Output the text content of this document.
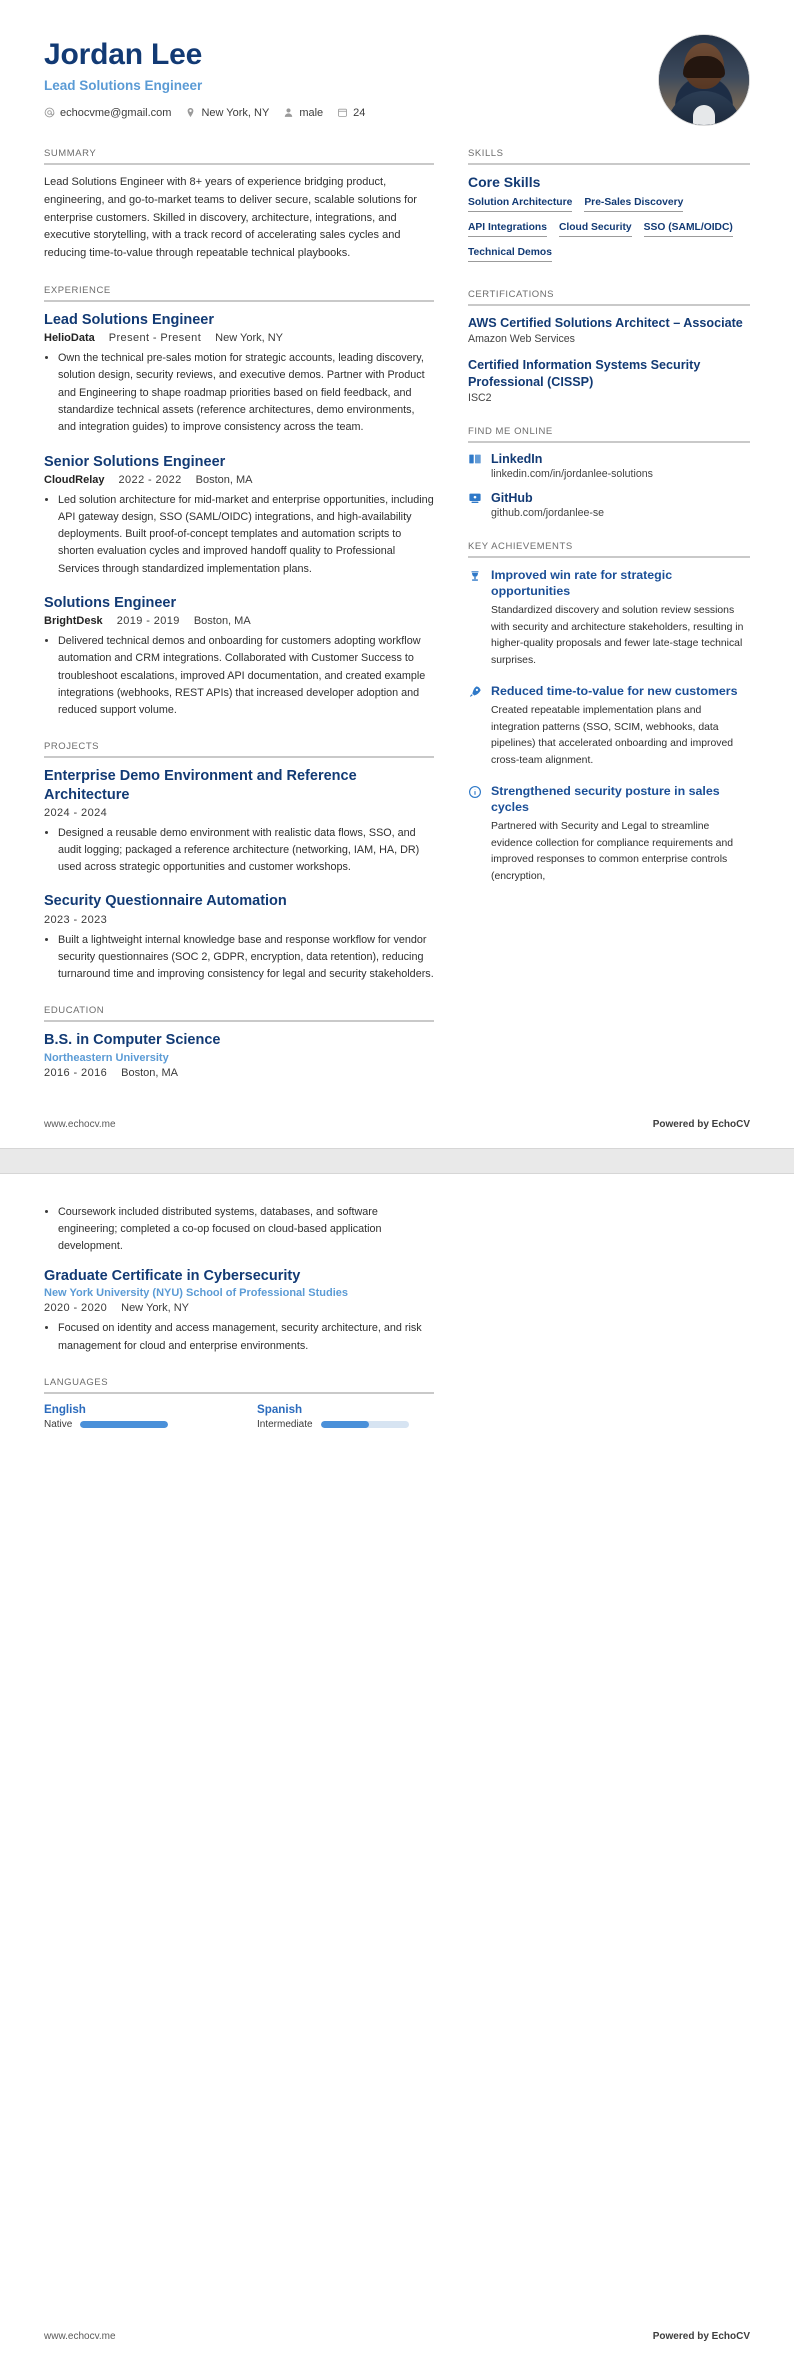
Jordan Lee
Lead Solutions Engineer
echocvme@gmail.com	New York, NY	male	24
SUMMARY
Lead Solutions Engineer with 8+ years of experience bridging product, engineering, and go-to-market teams to deliver secure, scalable solutions for enterprise customers. Skilled in discovery, architecture, integrations, and executive storytelling, with a track record of accelerating sales cycles and reducing time-to-value through repeatable technical playbooks.
EXPERIENCE
Lead Solutions Engineer
HelioData Present - Present New York, NY
• Own the technical pre-sales motion for strategic accounts, leading discovery, solution design, security reviews, and executive demos. Partner with Product and Engineering to shape roadmap priorities based on field feedback, and standardize technical assets (reference architectures, demo environments, and integration guides) to improve consistency across the team.
Senior Solutions Engineer
CloudRelay 2022 - 2022 Boston, MA
• Led solution architecture for mid-market and enterprise opportunities, including API gateway design, SSO (SAML/OIDC) integrations, and high-availability deployments. Built proof-of-concept templates and automation scripts to shorten evaluation cycles and improved handoff quality to Professional Services through standardized implementation plans.
Solutions Engineer
BrightDesk 2019 - 2019 Boston, MA
• Delivered technical demos and onboarding for customers adopting workflow automation and CRM integrations. Collaborated with Customer Success to troubleshoot escalations, improved API documentation, and created example integrations (webhooks, REST APIs) that increased developer adoption and reduced support volume.
PROJECTS
Enterprise Demo Environment and Reference Architecture
2024 - 2024
• Designed a reusable demo environment with realistic data flows, SSO, and audit logging; packaged a reference architecture (networking, IAM, HA, DR) used across strategic opportunities and customer workshops.
Security Questionnaire Automation
2023 - 2023
• Built a lightweight internal knowledge base and response workflow for vendor security questionnaires (SOC 2, GDPR, encryption, data retention), reducing turnaround time and improving consistency for legal and security stakeholders.
EDUCATION
B.S. in Computer Science
Northeastern University
2016 - 2016 Boston, MA
SKILLS
Core Skills
Solution Architecture Pre-Sales Discovery
API Integrations Cloud Security SSO (SAML/OIDC)
Technical Demos
CERTIFICATIONS
AWS Certified Solutions Architect – Associate
Amazon Web Services
Certified Information Systems Security Professional (CISSP)
ISC2
FIND ME ONLINE
LinkedIn
linkedin.com/in/jordanlee-solutions
GitHub
github.com/jordanlee-se
KEY ACHIEVEMENTS
Improved win rate for strategic opportunities
Standardized discovery and solution review sessions with security and architecture stakeholders, resulting in higher-quality proposals and fewer late-stage technical surprises.
Reduced time-to-value for new customers
Created repeatable implementation plans and integration patterns (SSO, SCIM, webhooks, data pipelines) that accelerated onboarding and improved cross-team alignment.
Strengthened security posture in sales cycles
Partnered with Security and Legal to streamline evidence collection for compliance requirements and improved responses to common enterprise controls (encryption,
www.echocv.me	Powered by EchoCV
• Coursework included distributed systems, databases, and software engineering; completed a co-op focused on cloud-based application development.
Graduate Certificate in Cybersecurity
New York University (NYU) School of Professional Studies
2020 - 2020 New York, NY
• Focused on identity and access management, security architecture, and risk management for cloud and enterprise environments.
LANGUAGES
English
Native
Spanish
Intermediate
www.echocv.me	Powered by EchoCV
